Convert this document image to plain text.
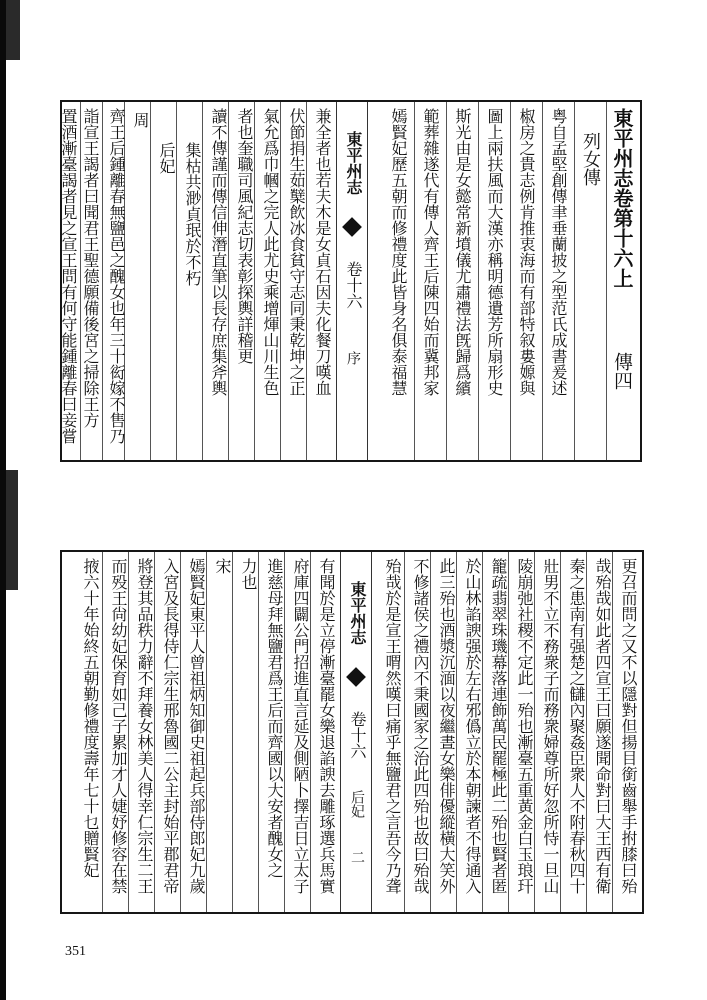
東平州志
卷十六
序
東平州志卷第十六上
傳四
列女傳
粤自孟堅創傳聿垂蘭披之型范氏成書爰述
椒房之貴志例肯推衷海而有部特叙婁嫄與
圖上兩扶風而大漢亦稱明德遺芳所扇形史
斯光由是女懿常新墳儀尤肅禮法旣歸爲繽
範葬雜遂代有傳人齊王后陳四始而冀邦家
嫣賢妃歷五朝而修禮度此皆身名俱泰福慧
兼全者也若夫木是女貞石因夫化餐刀嘆血
伏節捐生茹櫱飲冰食貧守志同秉乾坤之正
氣允爲巾幗之完人此尤史乘增煇山川生色
者也奎職司風紀志切表彰探輿詳稽更
讀不傳謹而傳信伸潛直筆以長存庶集斧輿
集枯共渺貞珉於不朽
后妃
周
齊王后鍾離春無鹽邑之醜女也年三十衒嫁不售乃
詣宣王謁者曰聞君王聖德願備後宮之掃除王方
置酒漸臺謁者見之宣王問有何守能鍾離春曰妾嘗
東平州志
卷十六
后妃
二	更召而問之又不以隱對但揚目銜齒舉手拊膝曰殆
哉殆哉如此者四宣王曰願遂聞命對曰大王西有衛
秦之患南有强楚之讎內聚姦臣衆人不附春秋四十
壯男不立不務衆子而務衆婦尊所好忽所恃一旦山
陵崩弛社稷不定此一殆也漸臺五重黃金白玉琅玕
籠疏翡翠珠璣幕落連飾萬民罷極此二殆也賢者匿
於山林諂諛强於左右邪僞立於本朝諫者不得通入
此三殆也酒漿沉湎以夜繼晝女樂俳優縱橫大笑外
不修諸侯之禮內不秉國家之治此四殆也故曰殆哉
殆哉於是宣王喟然嘆曰痛乎無鹽君之言吾今乃聋
有聞於是立停漸臺罷女樂退諂諛去雕琢選兵馬實
府庫四闢公門招進直言延及側陋卜擇吉日立太子
進慈母拜無鹽君爲王后而齊國以大安者醜女之
力也
宋
嫣賢妃東平人曾祖炳知御史祖起兵部侍郎妃九歲
入宮及長得侍仁宗生邢魯國二公主封始平郡君帝
將登其品秩力辭不拜養女林美人得幸仁宗生二王
而殁王尙幼妃保育如己子累加才人婕妤修容在禁
掖六十年始終五朝勤修禮度壽年七十乜贈賢妃
351
